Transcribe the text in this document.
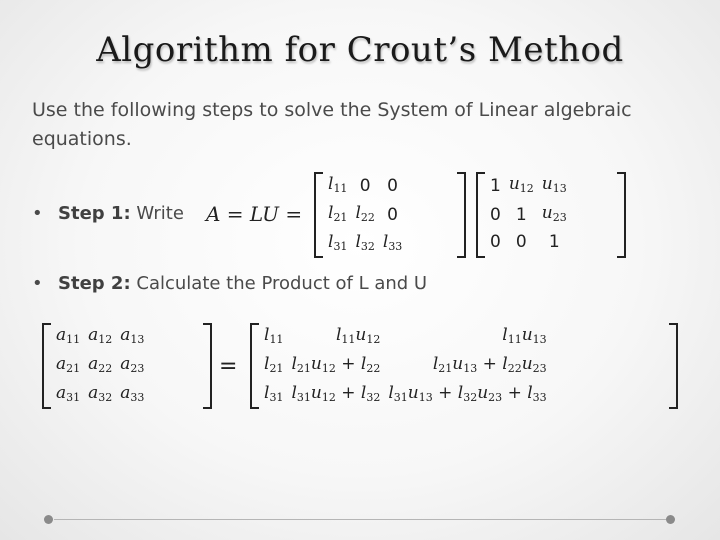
Algorithm for Crout’s Method
Use the following steps to solve the System of Linear algebraic equations.
• Step 1: Write A = LU =
$l_{11}$	0	0
$l_{21}$	$l_{22}$	0
$l_{31}$	$l_{32}$	$l_{33}$
1	$u_{12}$	$u_{13}$
0	1	$u_{23}$
0	0	1
• Step 2: Calculate the Product of L and U
$a_{11}$	$a_{12}$	$a_{13}$
$a_{21}$	$a_{22}$	$a_{23}$
$a_{31}$	$a_{32}$	$a_{33}$
=
$l_{11}$	$l_{11}u_{12}$	$l_{11}u_{13}$
$l_{21}$	$l_{21}u_{12} + l_{22}$	$l_{21}u_{13} + l_{22}u_{23}$
$l_{31}$	$l_{31}u_{12} + l_{32}$	$l_{31}u_{13} + l_{32}u_{23} + l_{33}$
